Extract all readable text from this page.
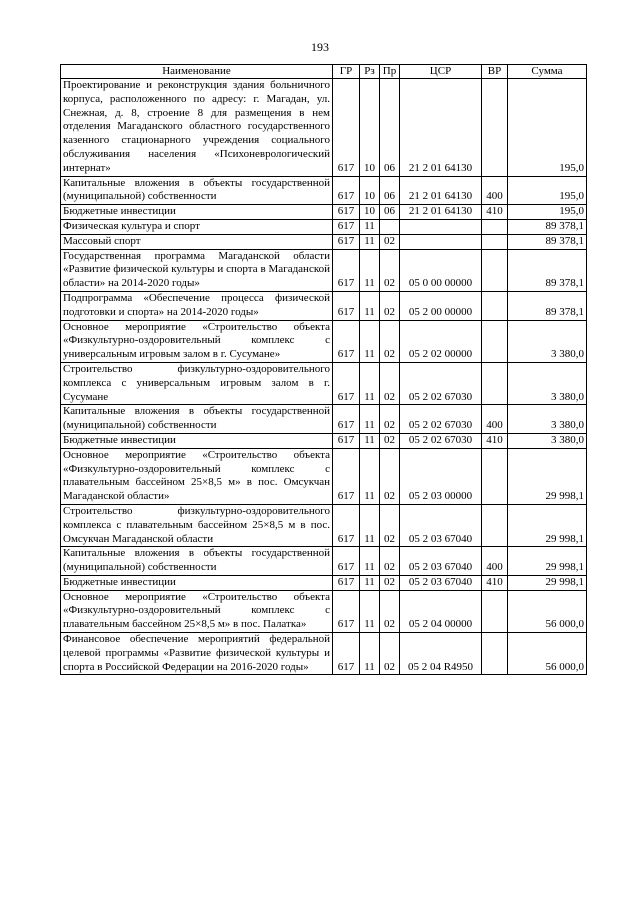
193
Наименование	ГР	Рз	Пр	ЦСР	ВР	Сумма
Проектирование и реконструкция здания больничного корпуса, расположенного по адресу: г. Магадан, ул. Снежная, д. 8, строение 8 для размещения в нем отделения Магаданского областного государственного казенного стационарного учреждения социального обслуживания населения «Психоневрологический интернат»	617	10	06	21 2 01 64130		195,0
Капитальные вложения в объекты государственной (муниципальной) собственности	617	10	06	21 2 01 64130	400	195,0
Бюджетные инвестиции	617	10	06	21 2 01 64130	410	195,0
Физическая культура и спорт	617	11				89 378,1
Массовый спорт	617	11	02			89 378,1
Государственная программа Магаданской области «Развитие физической культуры и спорта в Магаданской области» на 2014-2020 годы»	617	11	02	05 0 00 00000		89 378,1
Подпрограмма «Обеспечение процесса физической подготовки и спорта» на 2014-2020 годы»	617	11	02	05 2 00 00000		89 378,1
Основное мероприятие «Строительство объекта «Физкультурно-оздоровительный комплекс с универсальным игровым залом в г. Сусумане»	617	11	02	05 2 02 00000		3 380,0
Строительство физкультурно-оздоровительного комплекса с универсальным игровым залом в г. Сусумане	617	11	02	05 2 02 67030		3 380,0
Капитальные вложения в объекты государственной (муниципальной) собственности	617	11	02	05 2 02 67030	400	3 380,0
Бюджетные инвестиции	617	11	02	05 2 02 67030	410	3 380,0
Основное мероприятие «Строительство объекта «Физкультурно-оздоровительный комплекс с плавательным бассейном 25×8,5 м» в пос. Омсукчан Магаданской области»	617	11	02	05 2 03 00000		29 998,1
Строительство физкультурно-оздоровительного комплекса с плавательным бассейном 25×8,5 м в пос. Омсукчан Магаданской области	617	11	02	05 2 03 67040		29 998,1
Капитальные вложения в объекты государственной (муниципальной) собственности	617	11	02	05 2 03 67040	400	29 998,1
Бюджетные инвестиции	617	11	02	05 2 03 67040	410	29 998,1
Основное мероприятие «Строительство объекта «Физкультурно-оздоровительный комплекс с плавательным бассейном 25×8,5 м» в пос. Палатка»	617	11	02	05 2 04 00000		56 000,0
Финансовое обеспечение мероприятий федеральной целевой программы «Развитие физической культуры и спорта в Российской Федерации на 2016-2020 годы»	617	11	02	05 2 04 R4950		56 000,0
